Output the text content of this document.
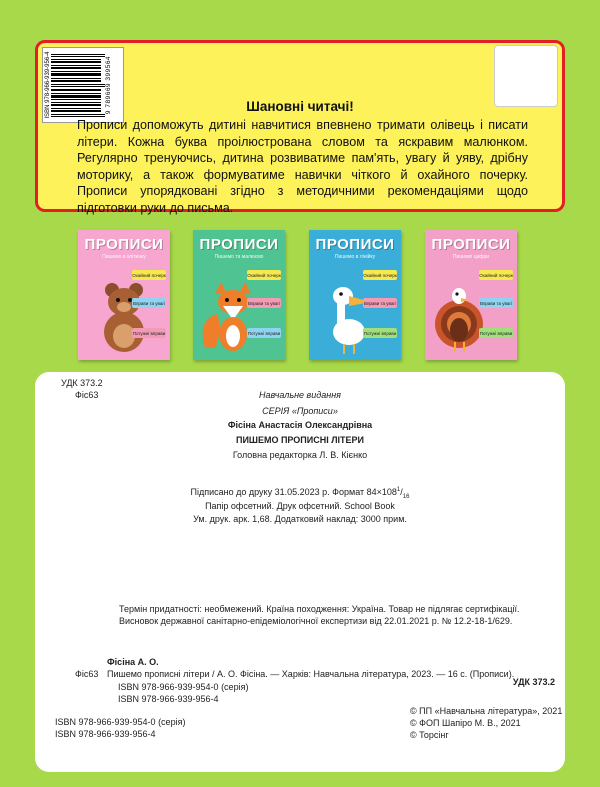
ISBN 978-966-939-956-4	9 789669 399564	Шановні читачі!

Прописи допоможуть дитині навчитися впевнено тримати олівець і писати літери. Кожна буква проілюстрована словом та яскравим малюнком. Регулярно тренуючись, дитина розвиватиме пам'ять, увагу й уяву, дрібну моторику, а також формуватиме навички чіткого й охайного почерку. Прописи упорядковані згідно з методичними рекомендаціями щодо підготовки руки до письма.

ПРОПИСИ
Пишемо в клітинку
Охайний почерк
Вправи та увагі
Потужні вправи
ПРОПИСИ
Пишемо та малюємо
Охайний почерк
Вправи та увагі
Потужні вправи
ПРОПИСИ
Пишемо в лінійку
Охайний почерк
Вправи та увагі
Потужні вправи
ПРОПИСИ
Пишемо цифри
Охайний почерк
Вправи та увагі
Потужні вправи
УДК 373.2
Фіс63	Навчальне видання
СЕРІЯ «Прописи»
Фісіна Анастасія Олександрівна
ПИШЕМО ПРОПИСНІ ЛІТЕРИ
Головна редакторка Л. В. Кієнко
Підписано до друку 31.05.2023 р. Формат $84\times 108^1/_{16}$
Папір офсетний. Друк офсетний. School Book
Ум. друк. арк. 1,68. Додатковий наклад: 3000 прим.
Термін придатності: необмежений. Країна походження: Україна. Товар не підлягає сертифікації.
Висновок державної санітарно-епідеміологічної експертизи від 22.01.2021 р. № 12.2-18-1/629.
Фісіна А. О.
Фіс63 Пишемо прописні літери / А. О. Фісіна. — Харків: Навчальна література, 2023. — 16 с. (Прописи).
ISBN 978-966-939-954-0 (серія)
ISBN 978-966-939-956-4
УДК 373.2
ISBN 978-966-939-954-0 (серія)
ISBN 978-966-939-956-4
© ПП «Навчальна література», 2021
© ФОП Шапіро М. В., 2021
© Торсінг
